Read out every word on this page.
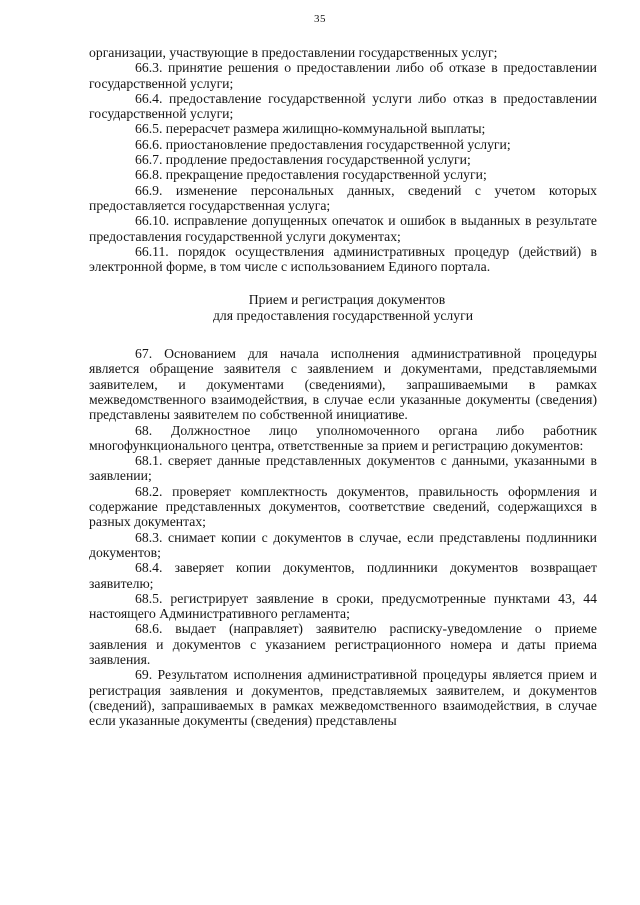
35

организации, участвующие в предоставлении государственных услуг;

66.3. принятие решения о предоставлении либо об отказе в предоставлении государственной услуги;

66.4. предоставление государственной услуги либо отказ в предоставлении государственной услуги;

66.5. перерасчет размера жилищно-коммунальной выплаты;

66.6. приостановление предоставления государственной услуги;

66.7. продление предоставления государственной услуги;

66.8. прекращение предоставления государственной услуги;

66.9. изменение персональных данных, сведений с учетом которых предоставляется государственная услуга;

66.10. исправление допущенных опечаток и ошибок в выданных в результате предоставления государственной услуги документах;

66.11. порядок осуществления административных процедур (действий) в электронной форме, в том числе с использованием Единого портала.

Прием и регистрация документов
для предоставления государственной услуги

67. Основанием для начала исполнения административной процедуры является обращение заявителя с заявлением и документами, представляемыми заявителем, и документами (сведениями), запрашиваемыми в рамках межведомственного взаимодействия, в случае если указанные документы (сведения) представлены заявителем по собственной инициативе.

68. Должностное лицо уполномоченного органа либо работник многофункционального центра, ответственные за прием и регистрацию документов:

68.1. сверяет данные представленных документов с данными, указанными в заявлении;

68.2. проверяет комплектность документов, правильность оформления и содержание представленных документов, соответствие сведений, содержащихся в разных документах;

68.3. снимает копии с документов в случае, если представлены подлинники документов;

68.4. заверяет копии документов, подлинники документов возвращает заявителю;

68.5. регистрирует заявление в сроки, предусмотренные пунктами 43, 44 настоящего Административного регламента;

68.6. выдает (направляет) заявителю расписку-уведомление о приеме заявления и документов с указанием регистрационного номера и даты приема заявления.

69. Результатом исполнения административной процедуры является прием и регистрация заявления и документов, представляемых заявителем, и документов (сведений), запрашиваемых в рамках межведомственного взаимодействия, в случае если указанные документы (сведения) представлены
